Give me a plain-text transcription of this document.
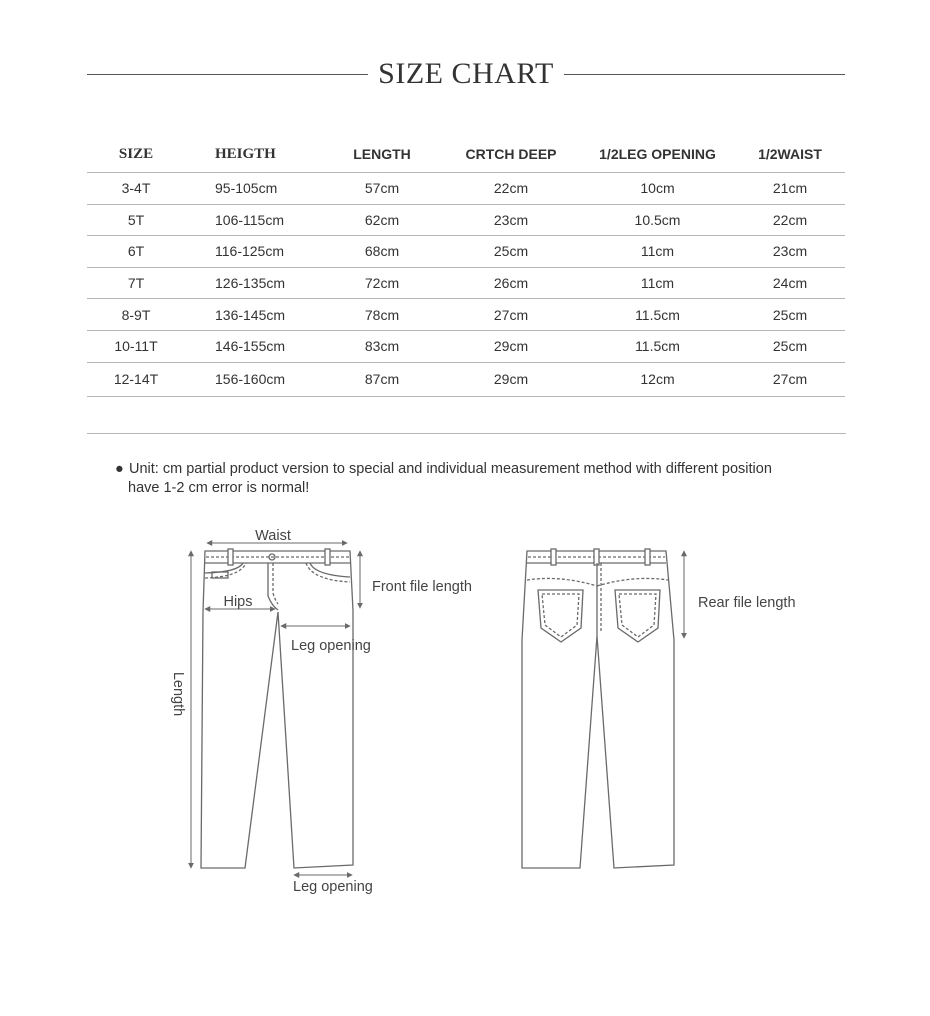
SIZE CHART
SIZE	HEIGTH	LENGTH	CRTCH DEEP	1/2LEG OPENING	1/2WAIST
3-4T	95-105cm	57cm	22cm	10cm	21cm
5T	106-115cm	62cm	23cm	10.5cm	22cm
6T	116-125cm	68cm	25cm	11cm	23cm
7T	126-135cm	72cm	26cm	11cm	24cm
8-9T	136-145cm	78cm	27cm	11.5cm	25cm
10-11T	146-155cm	83cm	29cm	11.5cm	25cm
12-14T	156-160cm	87cm	29cm	12cm	27cm
● Unit: cm partial product version to special and individual measurement method with different position
have 1-2 cm error is normal!
Waist
Hips
Front file length
Leg opening
Length
Leg opening
Rear file length
